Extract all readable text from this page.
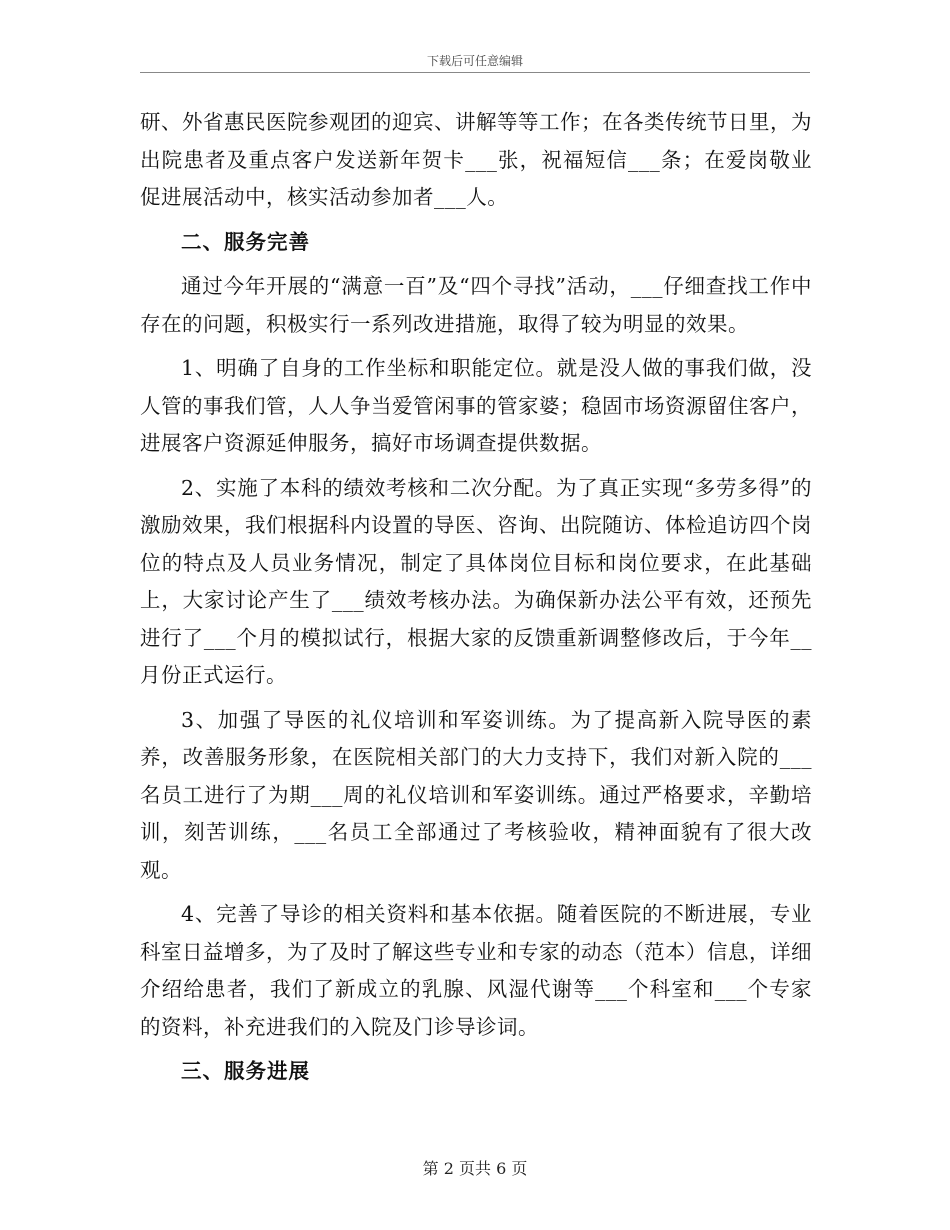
下载后可任意编辑

研、外省惠民医院参观团的迎宾、讲解等等工作；在各类传统节日里，为出院患者及重点客户发送新年贺卡___张，祝福短信___条；在爱岗敬业促进展活动中，核实活动参加者___人。

二、服务完善

通过今年开展的“满意一百”及“四个寻找”活动，___仔细查找工作中存在的问题，积极实行一系列改进措施，取得了较为明显的效果。

1、明确了自身的工作坐标和职能定位。就是没人做的事我们做，没人管的事我们管，人人争当爱管闲事的管家婆；稳固市场资源留住客户，进展客户资源延伸服务，搞好市场调查提供数据。

2、实施了本科的绩效考核和二次分配。为了真正实现“多劳多得”的激励效果，我们根据科内设置的导医、咨询、出院随访、体检追访四个岗位的特点及人员业务情况，制定了具体岗位目标和岗位要求，在此基础上，大家讨论产生了___绩效考核办法。为确保新办法公平有效，还预先进行了___个月的模拟试行，根据大家的反馈重新调整修改后，于今年__月份正式运行。

3、加强了导医的礼仪培训和军姿训练。为了提高新入院导医的素养，改善服务形象，在医院相关部门的大力支持下，我们对新入院的___名员工进行了为期___周的礼仪培训和军姿训练。通过严格要求，辛勤培训，刻苦训练，___名员工全部通过了考核验收，精神面貌有了很大改观。

4、完善了导诊的相关资料和基本依据。随着医院的不断进展，专业科室日益增多，为了及时了解这些专业和专家的动态（范本）信息，详细介绍给患者，我们了新成立的乳腺、风湿代谢等___个科室和___个专家的资料，补充进我们的入院及门诊导诊词。

三、服务进展

第 2 页共 6 页
